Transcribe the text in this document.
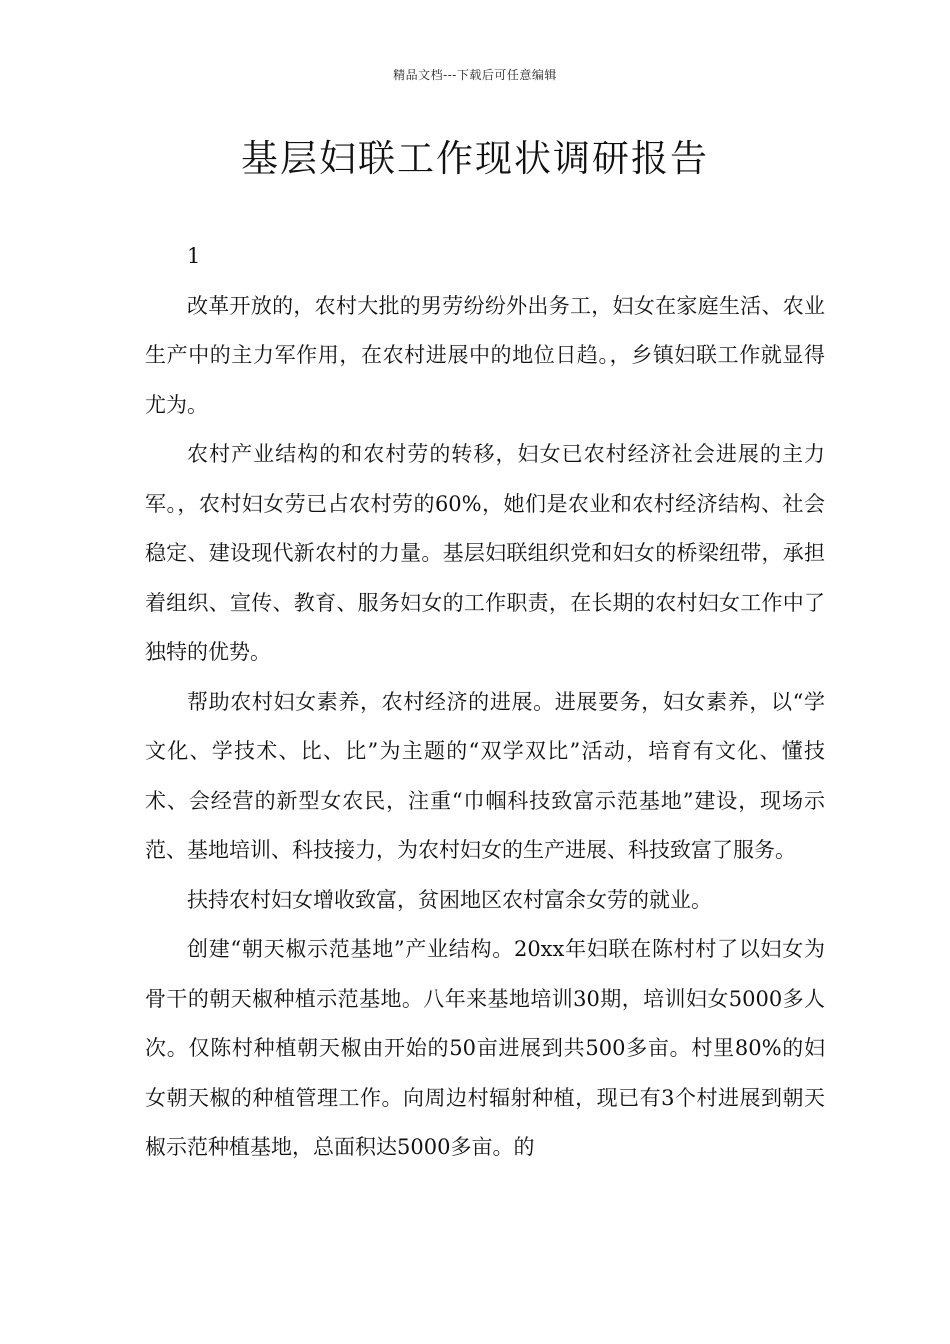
精品文档---下载后可任意编辑
基层妇联工作现状调研报告

1

改革开放的，农村大批的男劳纷纷外出务工，妇女在家庭生活、农业生产中的主力军作用，在农村进展中的地位日趋。，乡镇妇联工作就显得尤为。

农村产业结构的和农村劳的转移，妇女已农村经济社会进展的主力军。，农村妇女劳已占农村劳的60%，她们是农业和农村经济结构、社会稳定、建设现代新农村的力量。基层妇联组织党和妇女的桥梁纽带，承担着组织、宣传、教育、服务妇女的工作职责，在长期的农村妇女工作中了独特的优势。

帮助农村妇女素养，农村经济的进展。进展要务，妇女素养，以“学文化、学技术、比、比”为主题的“双学双比”活动，培育有文化、懂技术、会经营的新型女农民，注重“巾帼科技致富示范基地”建设，现场示范、基地培训、科技接力，为农村妇女的生产进展、科技致富了服务。

扶持农村妇女增收致富，贫困地区农村富余女劳的就业。

创建“朝天椒示范基地”产业结构。20xx年妇联在陈村村了以妇女为骨干的朝天椒种植示范基地。八年来基地培训30期，培训妇女5000多人次。仅陈村种植朝天椒由开始的50亩进展到共500多亩。村里80%的妇女朝天椒的种植管理工作。向周边村辐射种植，现已有3个村进展到朝天椒示范种植基地，总面积达5000多亩。的
